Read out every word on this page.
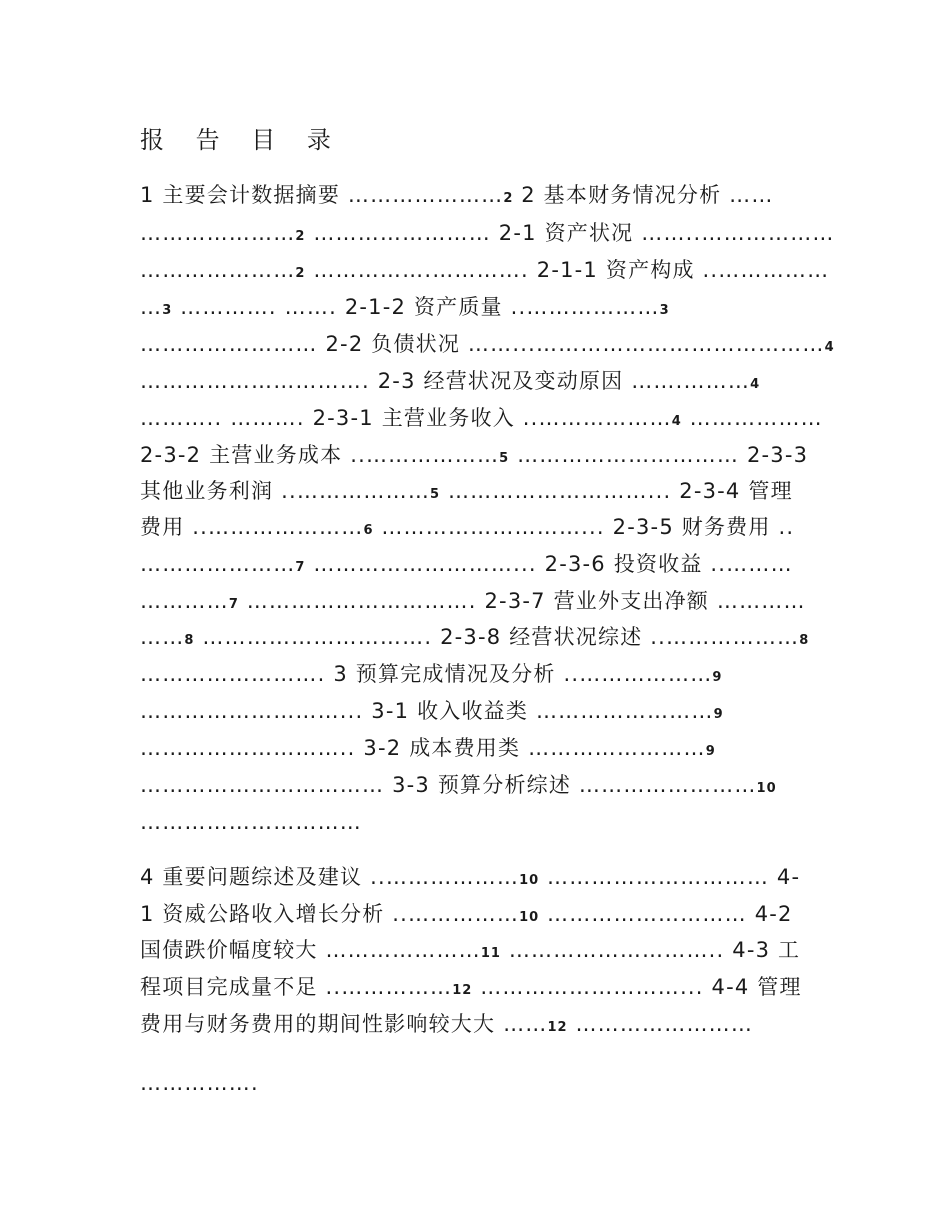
报 告 目 录
1 主要会计数据摘要 …………………2 2 基本财务情况分析 ……
…………………2 …………………… 2-1 资产状况 ……..………………
…………………2 …………….…………. 2-1-1 资产构成 ..……………
…3 …………. ……. 2-1-2 资产质量 ..………………3
…………………… 2-2 负债状况 ……...…………………………………4
…………………………. 2-3 经营状况及变动原因 …….………4
……….. ………. 2-3-1 主营业务收入 ..………………4 ………………
2-3-2 主营业务成本 ..………………5 ………………………… 2-3-3
其他业务利润 ..………………5 ………………………... 2-3-4 管理
费用 ..…………………6 ………………………... 2-3-5 财务费用 ..
…………………7 ………………………... 2-3-6 投资收益 ..………
…………7 …………………………. 2-3-7 营业外支出净额 …………
……8 …………………………. 2-3-8 经营状况综述 ..………………8
……………………. 3 预算完成情况及分析 ..………………9
………………………... 3-1 收入收益类 ……………………9
……………………….. 3-2 成本费用类 ……………………9
…………………………… 3-3 预算分析综述 ……………………10
…………………………
4 重要问题综述及建议 ..………………10 ………………………… 4-
1 资威公路收入增长分析 ..……………10 ……………………… 4-2
国债跌价幅度较大 …………………11 ……………………….. 4-3 工
程项目完成量不足 ..……………12 ………………………... 4-4 管理
费用与财务费用的期间性影响较大大 ……12 ……………………
…………….
